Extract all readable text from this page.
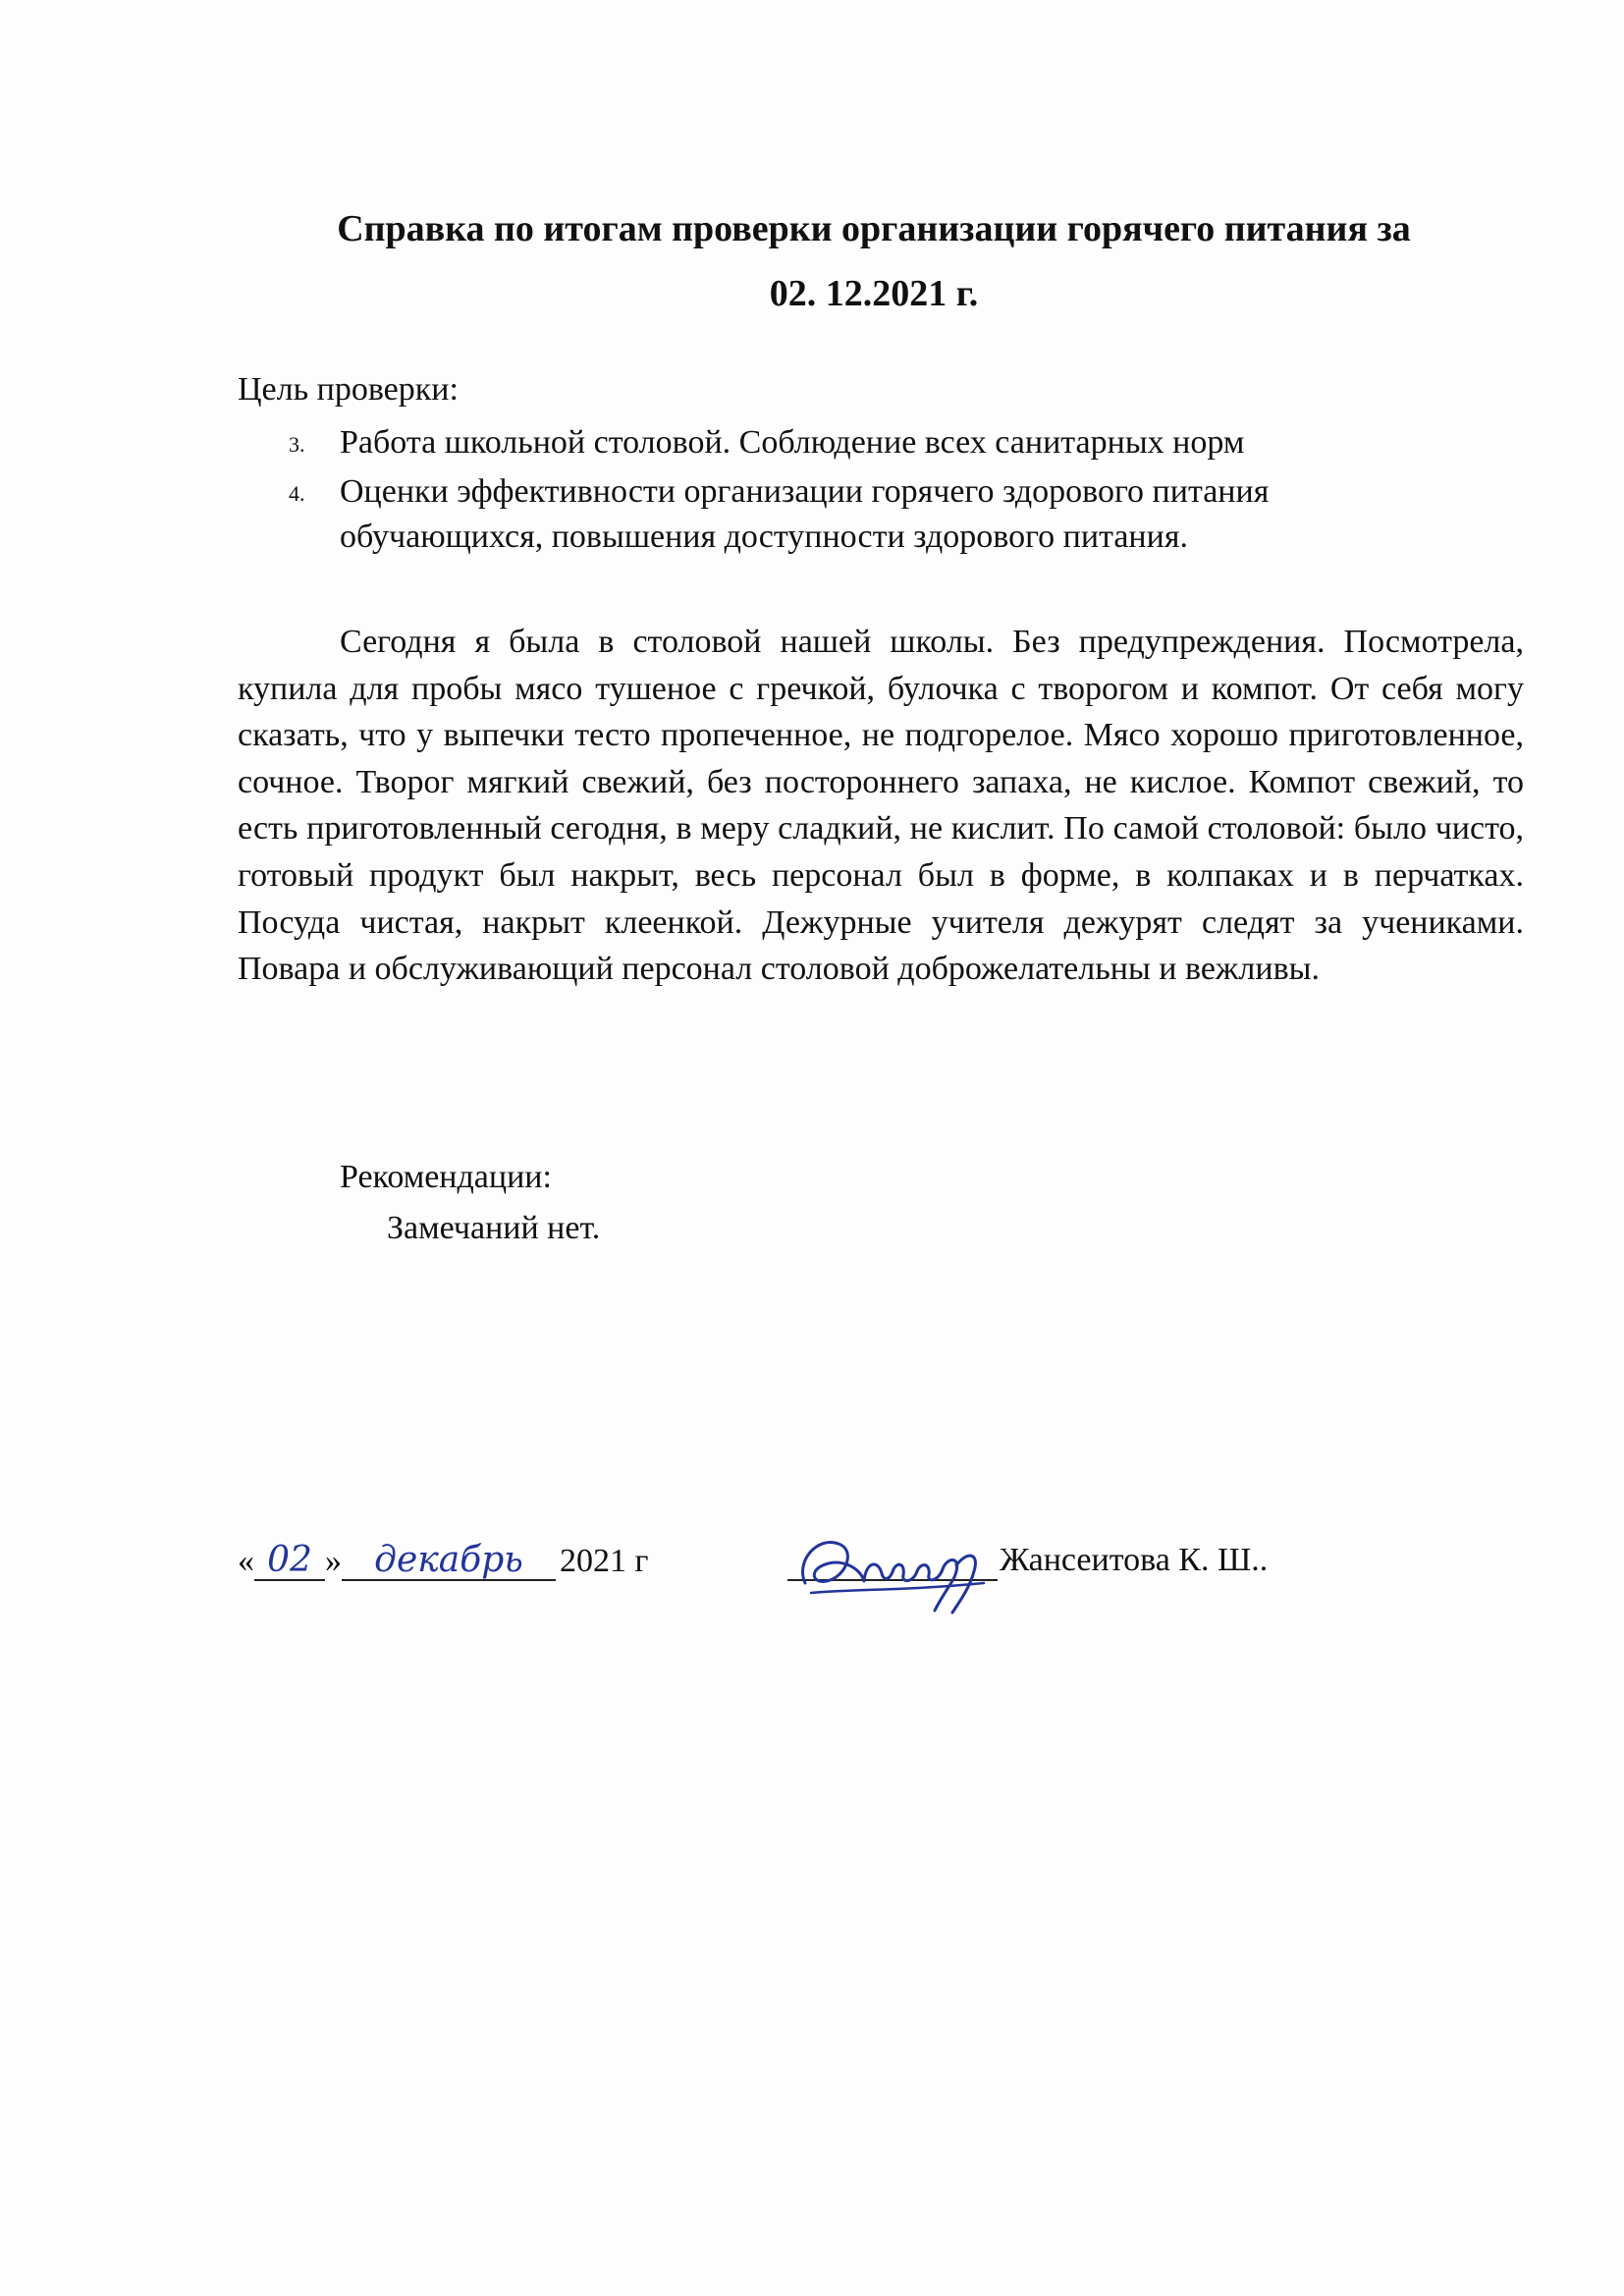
Справка по итогам проверки организации горячего питания за
02. 12.2021 г.
Цель проверки:
3. Работа школьной столовой. Соблюдение всех санитарных норм
4. Оценки эффективности организации горячего здорового питания обучающихся, повышения доступности здорового питания.
Сегодня я была в столовой нашей школы. Без предупреждения. Посмотрела, купила для пробы мясо тушеное с гречкой, булочка с творогом и компот. От себя могу сказать, что у выпечки тесто пропеченное, не подгорелое. Мясо хорошо приготовленное, сочное. Творог мягкий свежий, без постороннего запаха, не кислое. Компот свежий, то есть приготовленный сегодня, в меру сладкий, не кислит. По самой столовой: было чисто, готовый продукт был накрыт, весь персонал был в форме, в колпаках и в перчатках. Посуда чистая, накрыт клеенкой. Дежурные учителя дежурят следят за учениками. Повара и обслуживающий персонал столовой доброжелательны и вежливы.
Рекомендации:
Замечаний нет.
« 02 » декабрь 2021 г	Жансеитова К. Ш..
